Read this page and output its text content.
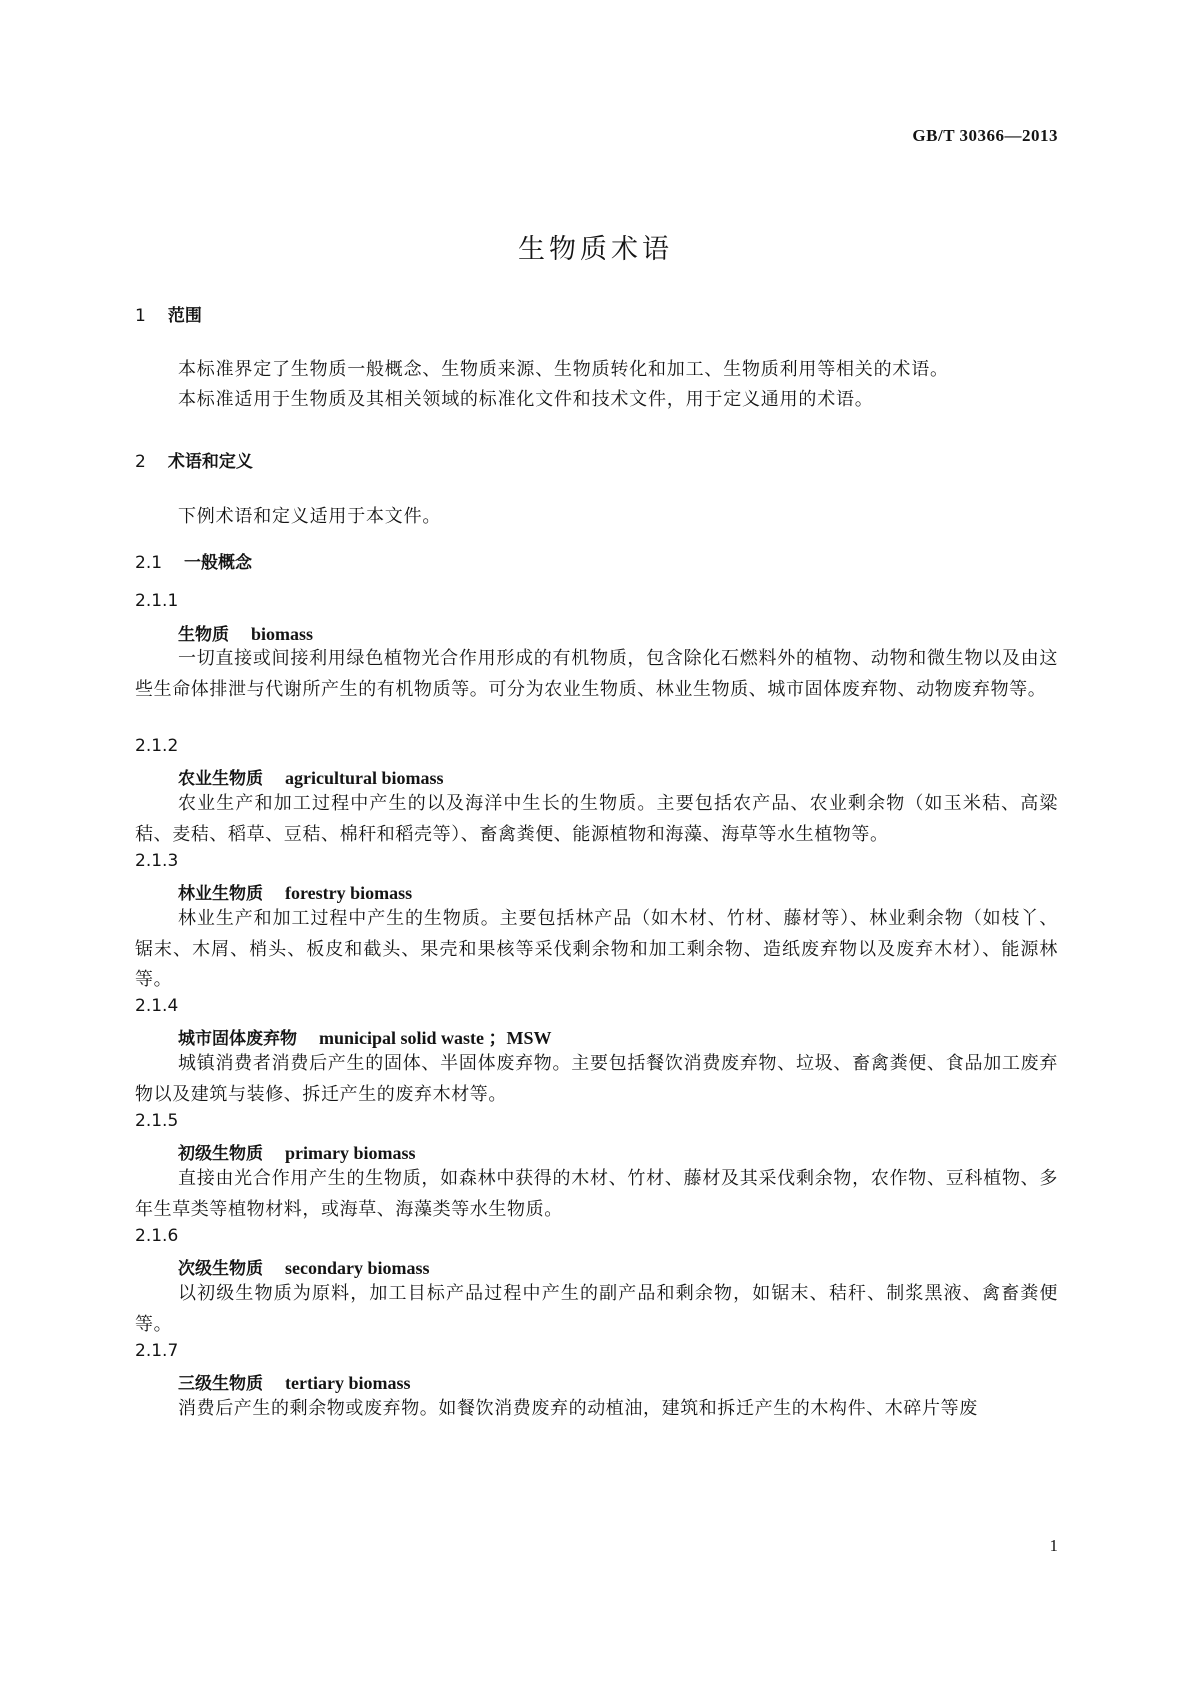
GB/T 30366—2013
生物质术语
1 范围
本标准界定了生物质一般概念、生物质来源、生物质转化和加工、生物质利用等相关的术语。
本标准适用于生物质及其相关领域的标准化文件和技术文件，用于定义通用的术语。
2 术语和定义
下例术语和定义适用于本文件。
2.1 一般概念
2.1.1
生物质 biomass
一切直接或间接利用绿色植物光合作用形成的有机物质，包含除化石燃料外的植物、动物和微生物以及由这些生命体排泄与代谢所产生的有机物质等。可分为农业生物质、林业生物质、城市固体废弃物、动物废弃物等。
2.1.2
农业生物质 agricultural biomass
农业生产和加工过程中产生的以及海洋中生长的生物质。主要包括农产品、农业剩余物（如玉米秸、高粱秸、麦秸、稻草、豆秸、棉秆和稻壳等）、畜禽粪便、能源植物和海藻、海草等水生植物等。
2.1.3
林业生物质 forestry biomass
林业生产和加工过程中产生的生物质。主要包括林产品（如木材、竹材、藤材等）、林业剩余物（如枝丫、锯末、木屑、梢头、板皮和截头、果壳和果核等采伐剩余物和加工剩余物、造纸废弃物以及废弃木材）、能源林等。
2.1.4
城市固体废弃物 municipal solid waste ；MSW
城镇消费者消费后产生的固体、半固体废弃物。主要包括餐饮消费废弃物、垃圾、畜禽粪便、食品加工废弃物以及建筑与装修、拆迁产生的废弃木材等。
2.1.5
初级生物质 primary biomass
直接由光合作用产生的生物质，如森林中获得的木材、竹材、藤材及其采伐剩余物，农作物、豆科植物、多年生草类等植物材料，或海草、海藻类等水生物质。
2.1.6
次级生物质 secondary biomass
以初级生物质为原料，加工目标产品过程中产生的副产品和剩余物，如锯末、秸秆、制浆黑液、禽畜粪便等。
2.1.7
三级生物质 tertiary biomass
消费后产生的剩余物或废弃物。如餐饮消费废弃的动植油，建筑和拆迁产生的木构件、木碎片等废
1
